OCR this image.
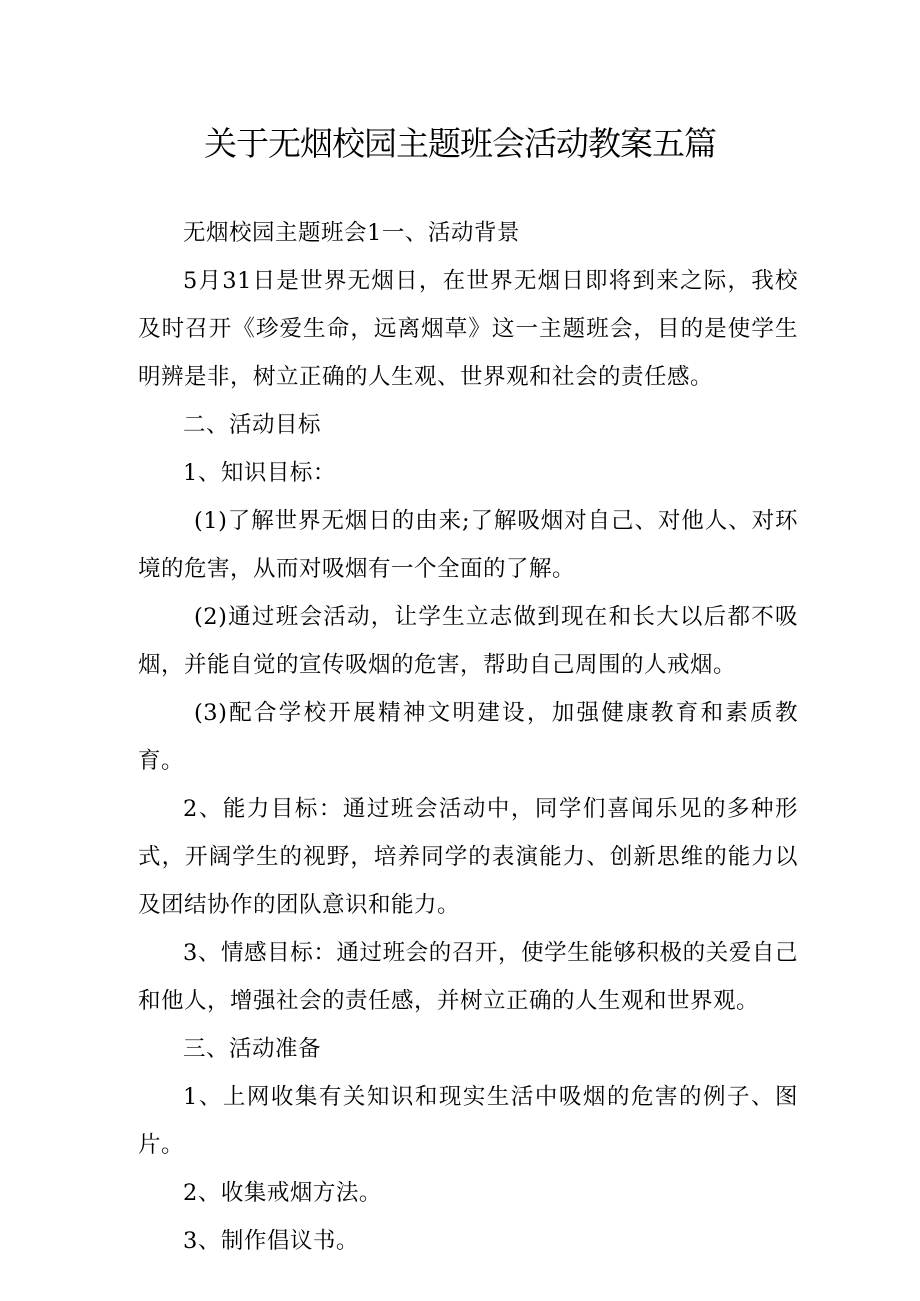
关于无烟校园主题班会活动教案五篇

无烟校园主题班会1一、活动背景

5月31日是世界无烟日，在世界无烟日即将到来之际，我校及时召开《珍爱生命，远离烟草》这一主题班会，目的是使学生明辨是非，树立正确的人生观、世界观和社会的责任感。

二、活动目标

1、知识目标：

(1)了解世界无烟日的由来;了解吸烟对自己、对他人、对环境的危害，从而对吸烟有一个全面的了解。

(2)通过班会活动，让学生立志做到现在和长大以后都不吸烟，并能自觉的宣传吸烟的危害，帮助自己周围的人戒烟。

(3)配合学校开展精神文明建设，加强健康教育和素质教育。

2、能力目标：通过班会活动中，同学们喜闻乐见的多种形式，开阔学生的视野，培养同学的表演能力、创新思维的能力以及团结协作的团队意识和能力。

3、情感目标：通过班会的召开，使学生能够积极的关爱自己和他人，增强社会的责任感，并树立正确的人生观和世界观。

三、活动准备

1、上网收集有关知识和现实生活中吸烟的危害的例子、图片。

2、收集戒烟方法。

3、制作倡议书。
